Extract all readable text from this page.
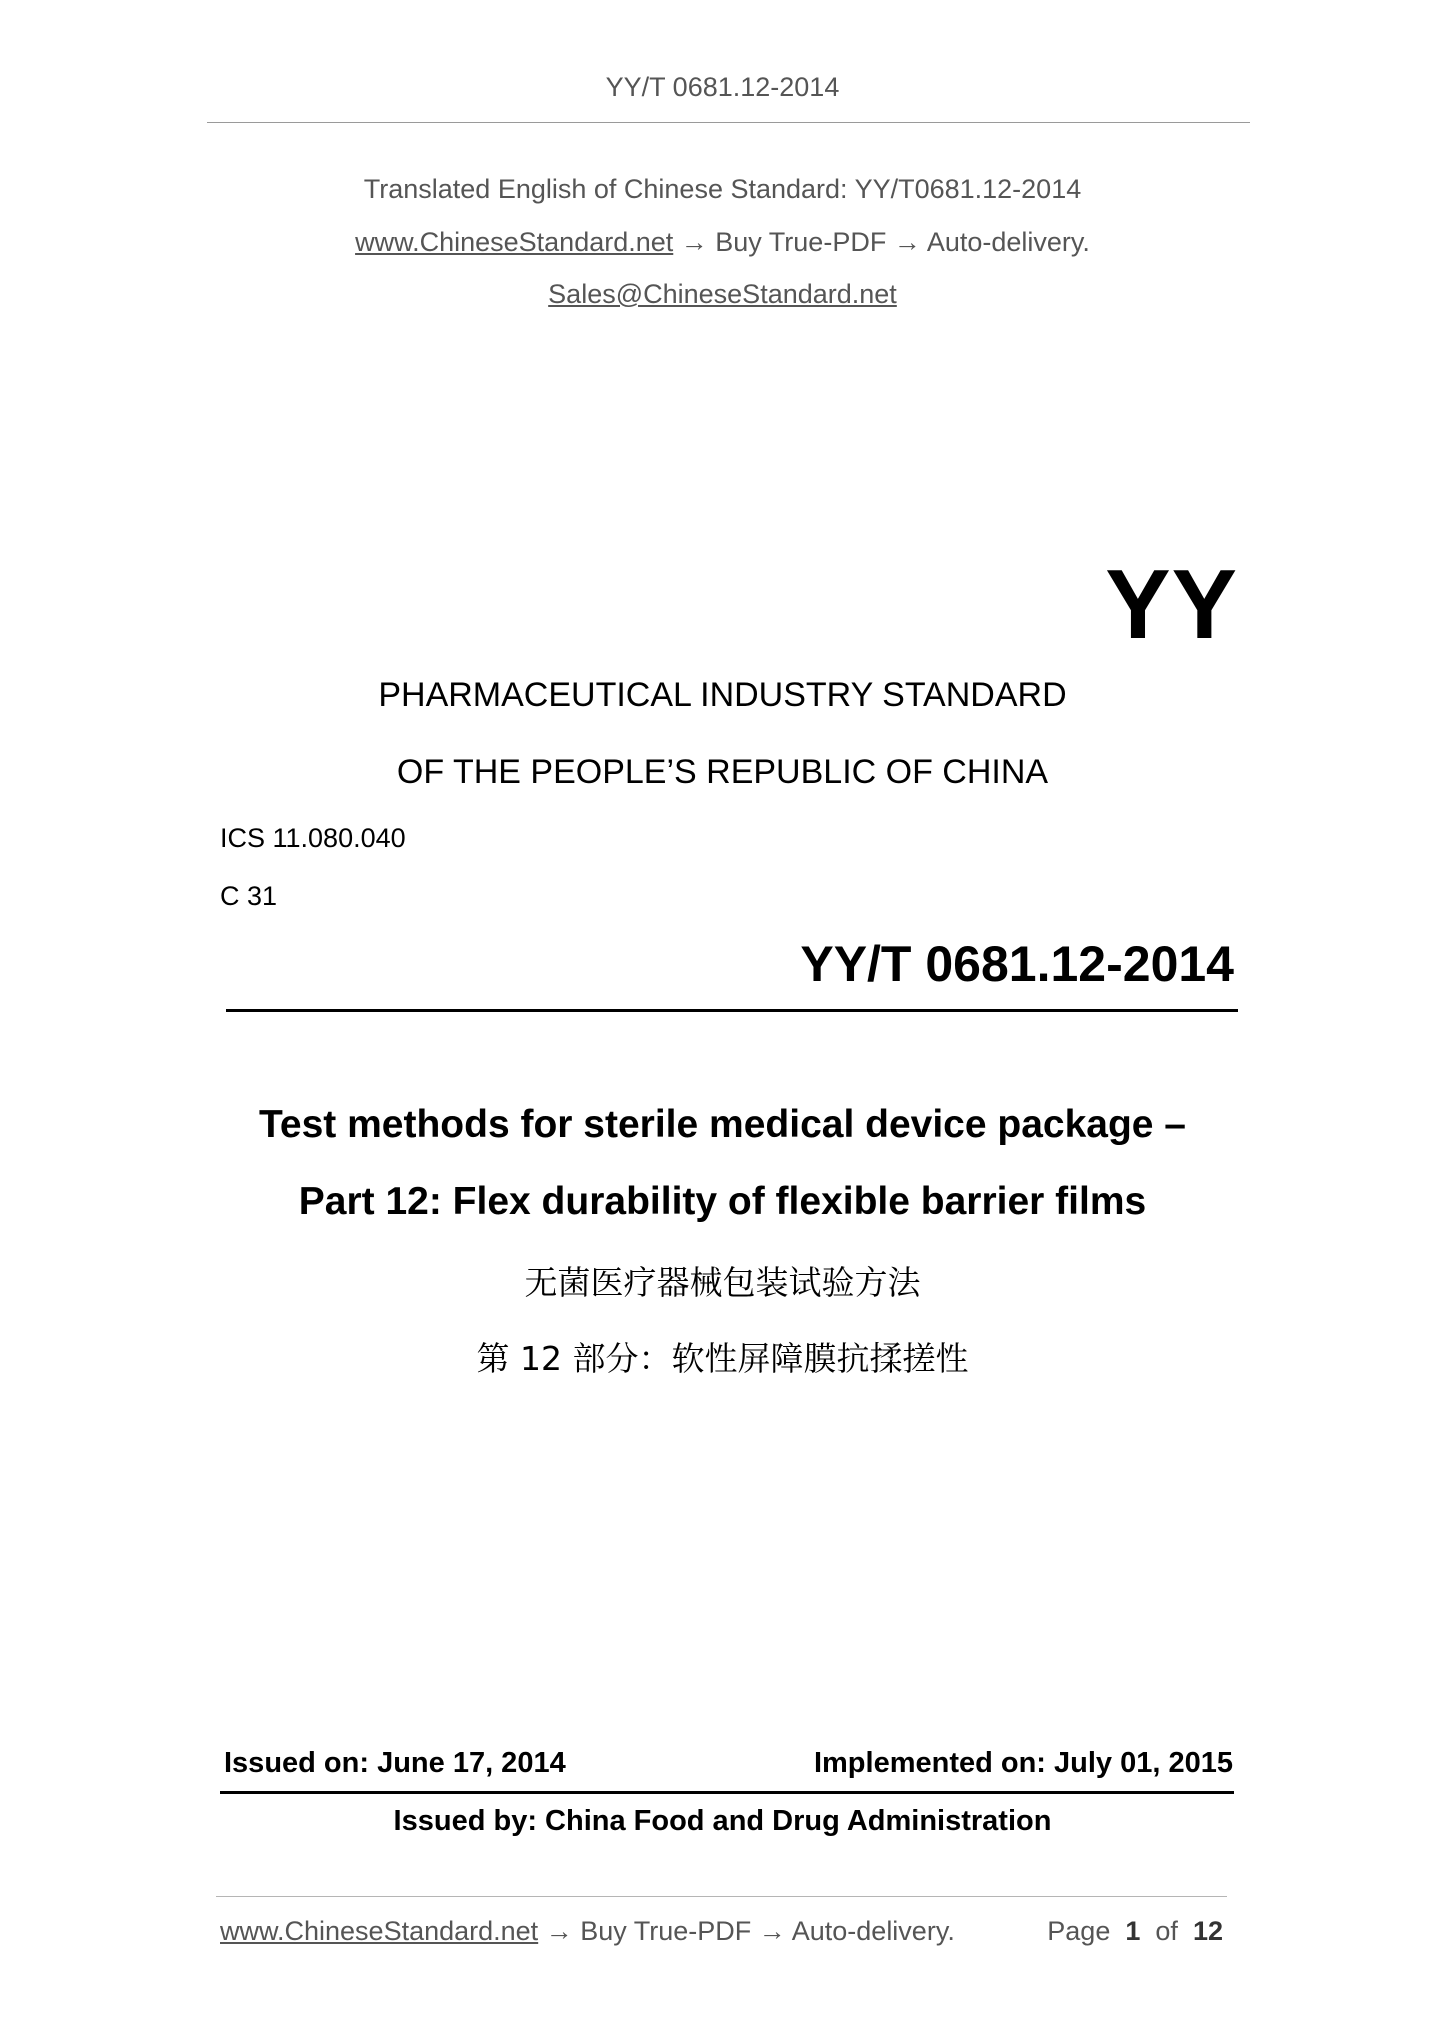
YY/T 0681.12-2014
Translated English of Chinese Standard: YY/T0681.12-2014
www.ChineseStandard.net → Buy True-PDF → Auto-delivery.
Sales@ChineseStandard.net
YY
PHARMACEUTICAL INDUSTRY STANDARD
OF THE PEOPLE’S REPUBLIC OF CHINA
ICS 11.080.040
C 31
YY/T 0681.12-2014
Test methods for sterile medical device package –
Part 12: Flex durability of flexible barrier films
无菌医疗器械包装试验方法
第 12 部分：软性屏障膜抗揉搓性
Issued on: June 17, 2014	Implemented on: July 01, 2015
Issued by: China Food and Drug Administration
www.ChineseStandard.net → Buy True-PDF → Auto-delivery.	Page 1 of 12
